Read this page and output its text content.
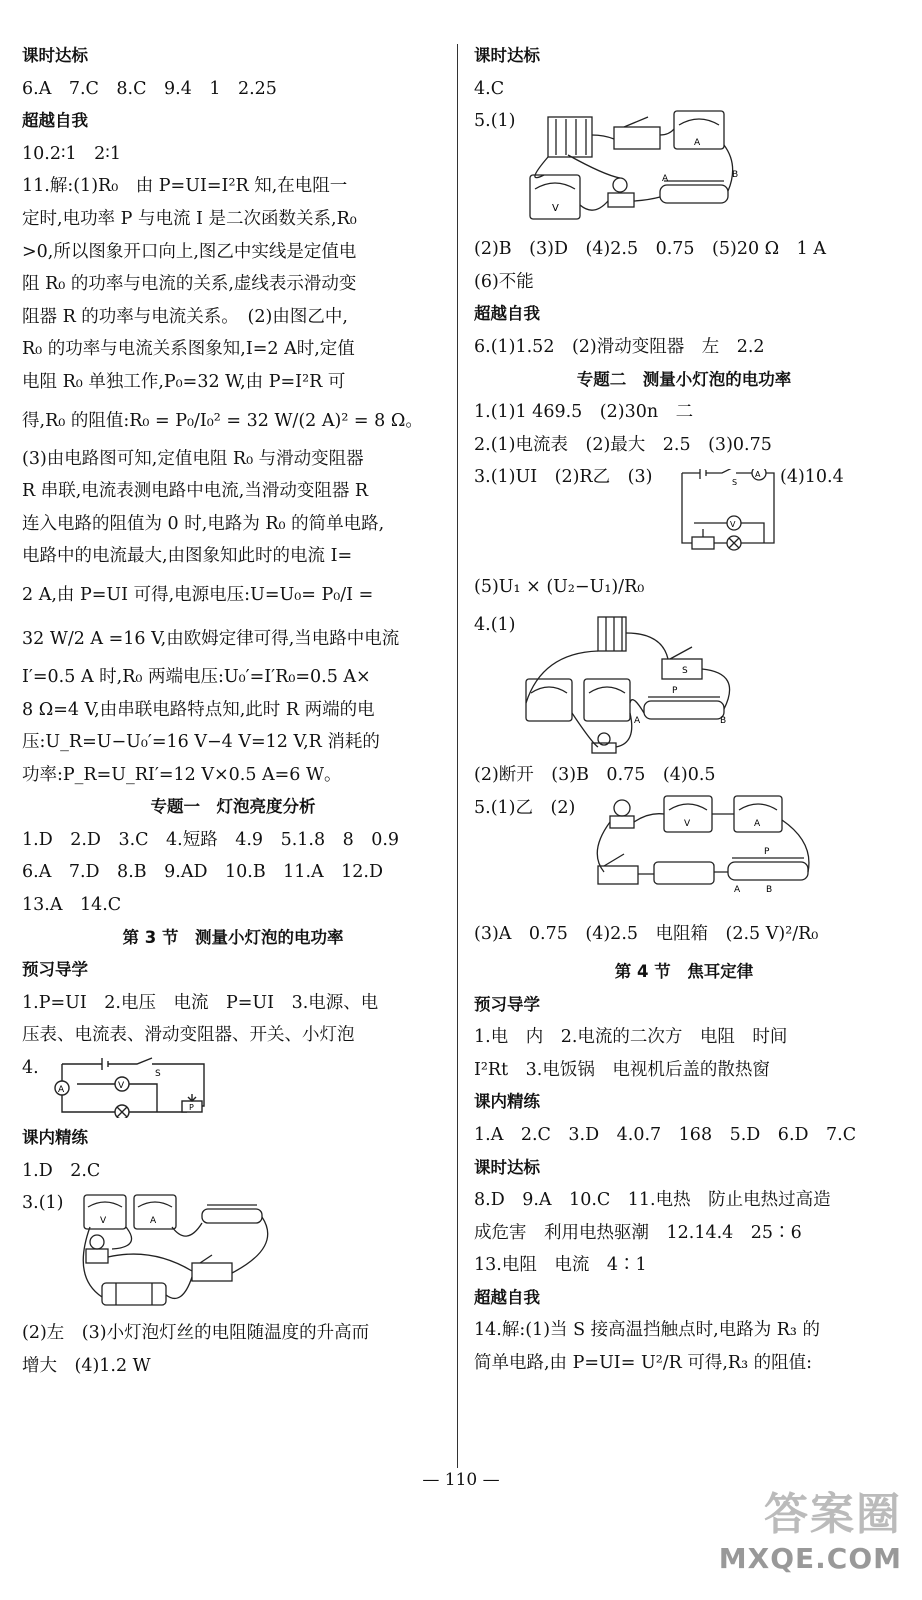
课时达标
6.A　7.C　8.C　9.4　1　2.25
超越自我
10.2∶1　2∶1
11.解:(1)R₀　由 P=UI=I²R 知,在电阻一
定时,电功率 P 与电流 I 是二次函数关系,R₀
>0,所以图象开口向上,图乙中实线是定值电
阻 R₀ 的功率与电流的关系,虚线表示滑动变
阻器 R 的功率与电流关系。　(2)由图乙中,
R₀ 的功率与电流关系图象知,I=2 A时,定值
电阻 R₀ 单独工作,P₀=32 W,由 P=I²R 可
得,R₀ 的阻值:R₀ = P₀/I₀² = 32 W/(2 A)² = 8 Ω。
(3)由电路图可知,定值电阻 R₀ 与滑动变阻器
R 串联,电流表测电路中电流,当滑动变阻器 R
连入电路的阻值为 0 时,电路为 R₀ 的简单电路,
电路中的电流最大,由图象知此时的电流 I=
2 A,由 P=UI 可得,电源电压:U=U₀= P₀/I =
32 W/2 A =16 V,由欧姆定律可得,当电路中电流
I′=0.5 A 时,R₀ 两端电压:U₀′=I′R₀=0.5 A×
8 Ω=4 V,由串联电路特点知,此时 R 两端的电
压:U_R=U−U₀′=16 V−4 V=12 V,R 消耗的
功率:P_R=U_RI′=12 V×0.5 A=6 W。
专题一　灯泡亮度分析
1.D　2.D　3.C　4.短路　4.9　5.1.8　8　0.9
6.A　7.D　8.B　9.AD　10.B　11.A　12.D
13.A　14.C
第 3 节　测量小灯泡的电功率
预习导学
1.P=UI　2.电压　电流　P=UI　3.电源、电
压表、电流表、滑动变阻器、开关、小灯泡
4.
A	V
S
P
课内精练
1.D　2.C
3.(1)
V	A
(2)左　(3)小灯泡灯丝的电阻随温度的升高而
增大　(4)1.2 W
课时达标
4.C
5.(1)
V
A
A	B
(2)B　(3)D　(4)2.5　0.75　(5)20 Ω　1 A
(6)不能
超越自我
6.(1)1.52　(2)滑动变阻器　左　2.2
专题二　测量小灯泡的电功率
1.(1)1 469.5　(2)30n　二
2.(1)电流表　(2)最大　2.5　(3)0.75
3.(1)UI　(2)R乙　(3)	(4)10.4
A
V
S
(5)U₁ × (U₂−U₁)/R₀
4.(1)
B
A
P
S
(2)断开　(3)B　0.75　(4)0.5
5.(1)乙　(2)
V	A
P
A	B
(3)A　0.75　(4)2.5　电阻箱　(2.5 V)²/R₀
第 4 节　焦耳定律
预习导学
1.电　内　2.电流的二次方　电阻　时间
I²Rt　3.电饭锅　电视机后盖的散热窗
课内精练
1.A　2.C　3.D　4.0.7　168　5.D　6.D　7.C
课时达标
8.D　9.A　10.C　11.电热　防止电热过高造
成危害　利用电热驱潮　12.14.4　25∶6
13.电阻　电流　4∶1
超越自我
14.解:(1)当 S 接高温挡触点时,电路为 R₃ 的
简单电路,由 P=UI= U²/R 可得,R₃ 的阻值:
— 110 —
答案圈
MXQE.COM
